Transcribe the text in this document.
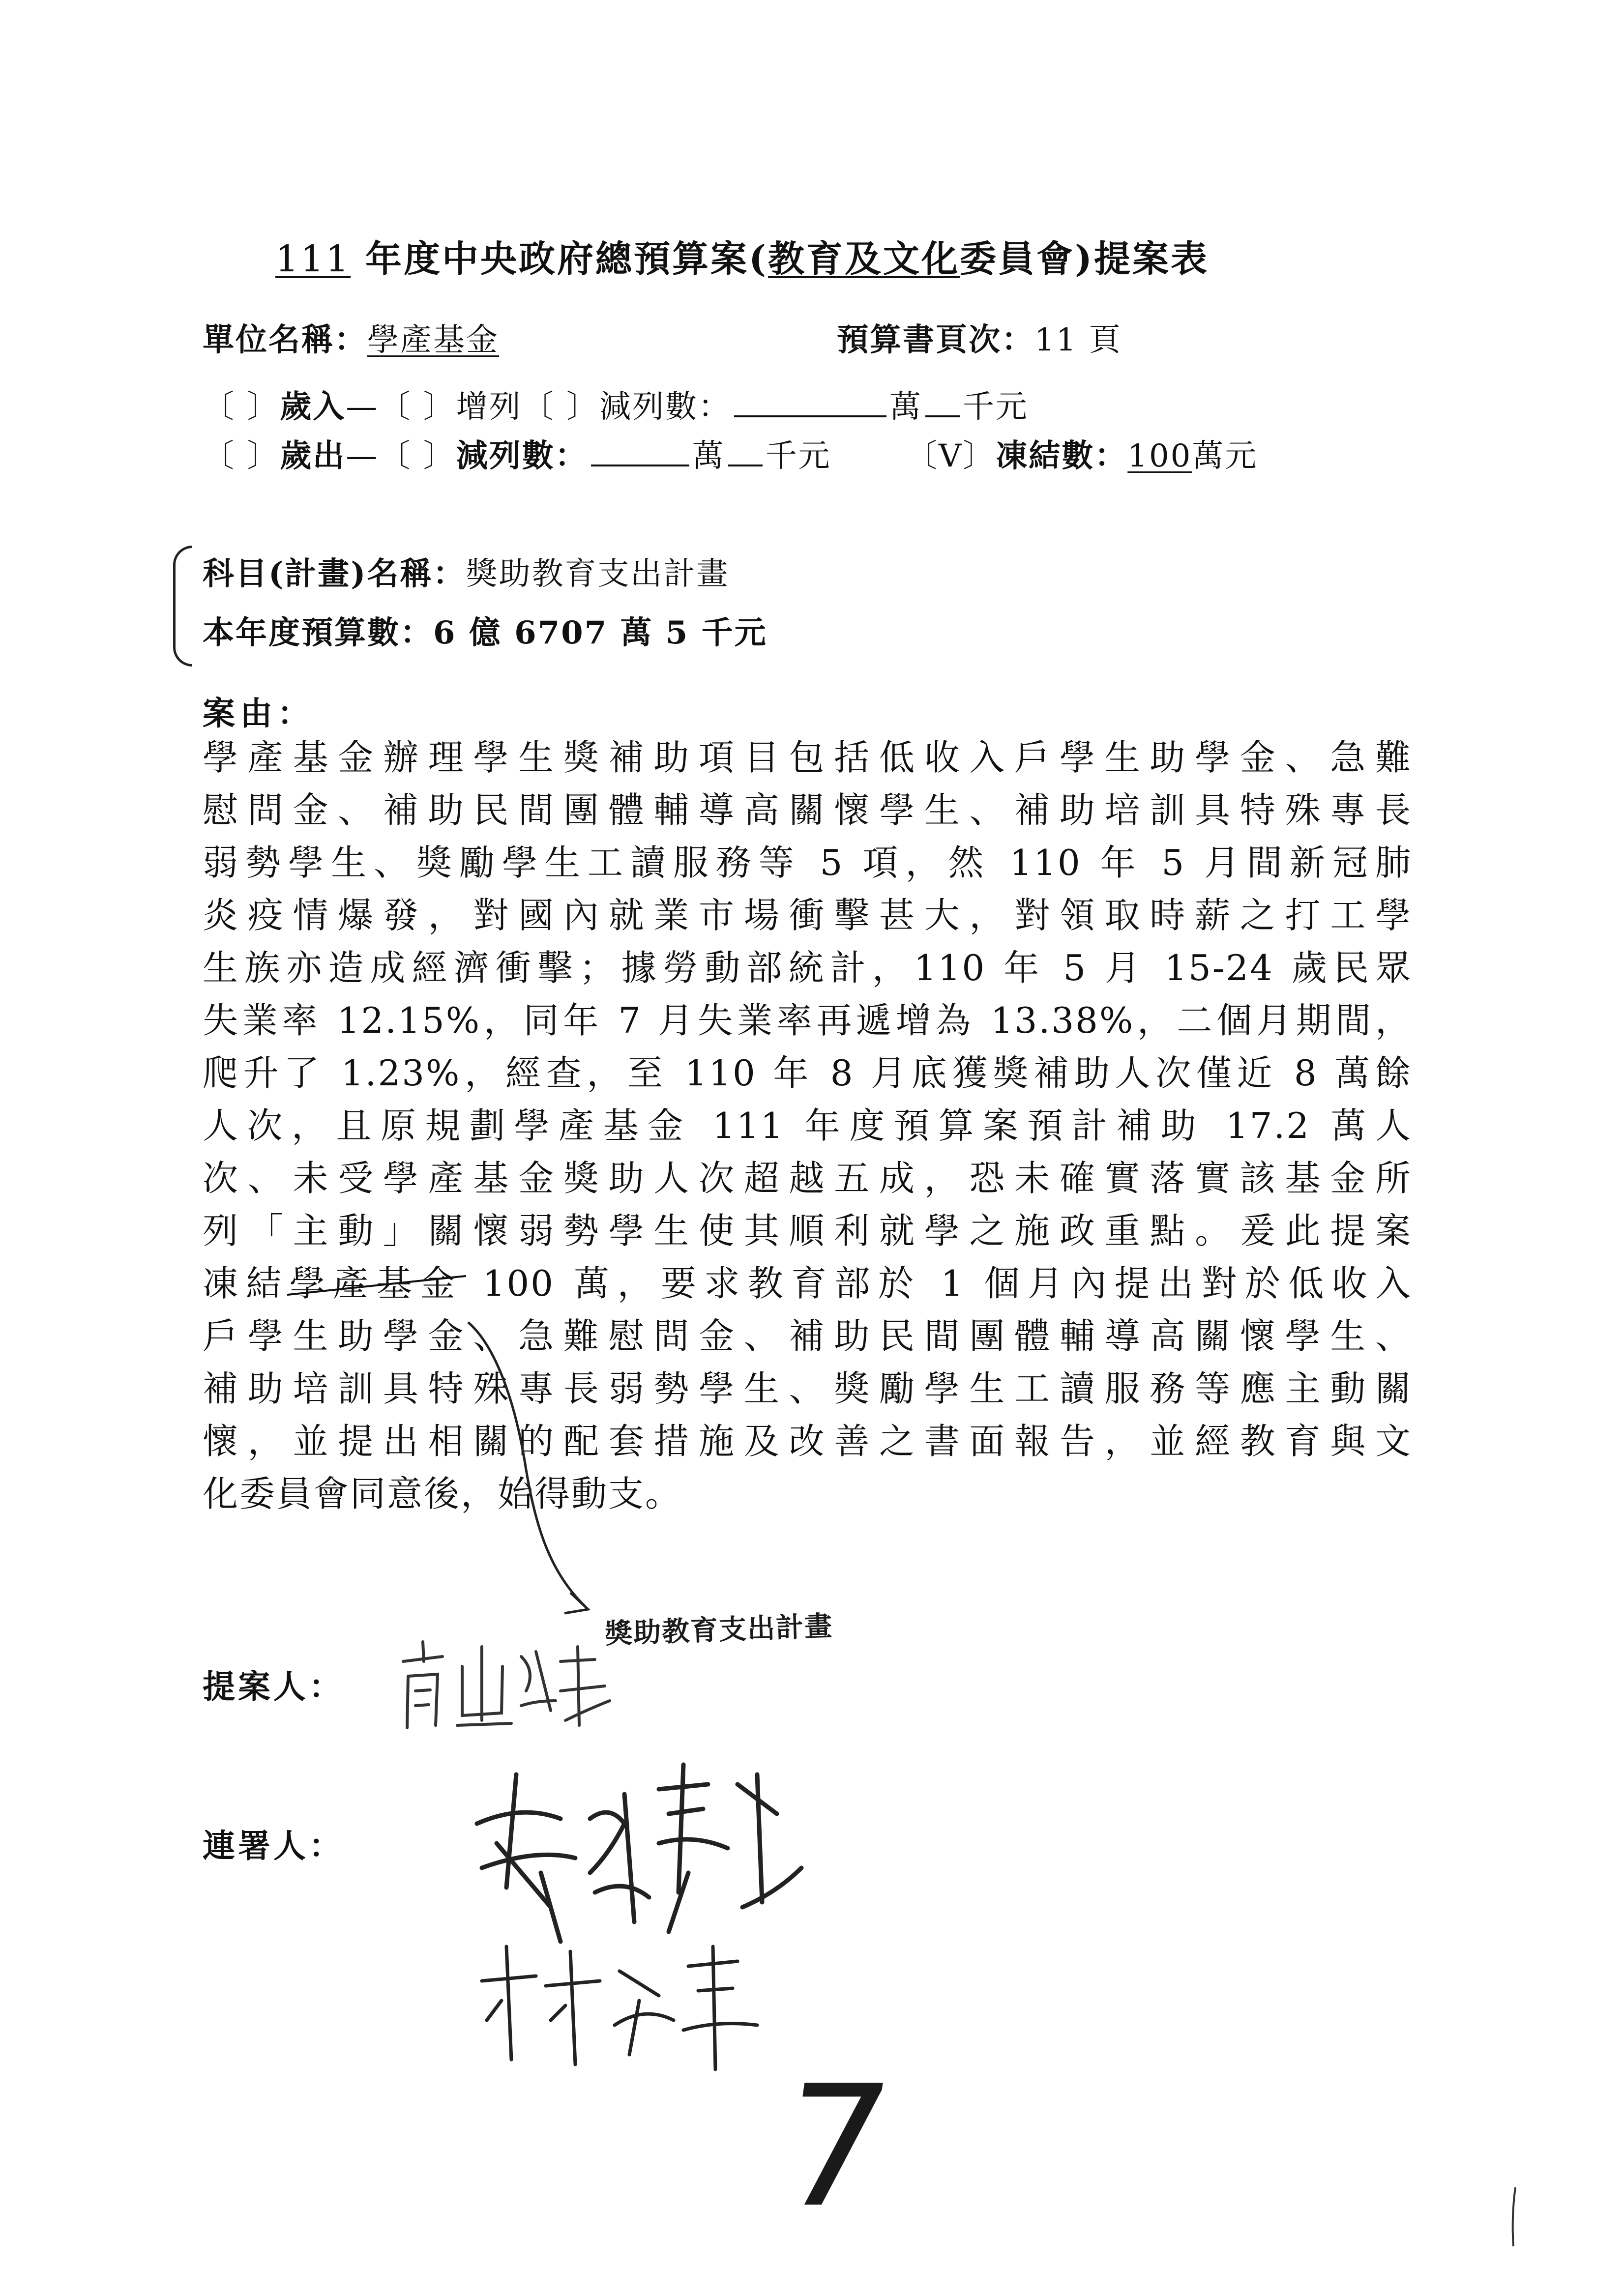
111 年度中央政府總預算案(教育及文化委員會)提案表
單位名稱：學產基金	預算書頁次：11 頁
〔 〕歲入—〔 〕增列〔 〕減列數：	萬 千元
〔 〕歲出—〔 〕減列數：	萬 千元 〔V〕凍結數：100萬元
科目(計畫)名稱：獎助教育支出計畫
本年度預算數：6 億 6707 萬 5 千元
案由：
學產基金辦理學生獎補助項目包括低收入戶學生助學金、急難
慰問金、補助民間團體輔導高關懷學生、補助培訓具特殊專長
弱勢學生、獎勵學生工讀服務等 5 項，然 110 年 5 月間新冠肺
炎疫情爆發，對國內就業市場衝擊甚大，對領取時薪之打工學
生族亦造成經濟衝擊；據勞動部統計，110 年 5 月 15-24 歲民眾
失業率 12.15%，同年 7 月失業率再遞增為 13.38%，二個月期間，
爬升了 1.23%，經查，至 110 年 8 月底獲獎補助人次僅近 8 萬餘
人次，且原規劃學產基金 111 年度預算案預計補助 17.2 萬人
次、未受學產基金獎助人次超越五成，恐未確實落實該基金所
列「主動」關懷弱勢學生使其順利就學之施政重點。爰此提案
凍結學產基金 100 萬，要求教育部於 1 個月內提出對於低收入
戶學生助學金、急難慰問金、補助民間團體輔導高關懷學生、
補助培訓具特殊專長弱勢學生、獎勵學生工讀服務等應主動關
懷，並提出相關的配套措施及改善之書面報告，並經教育與文
化委員會同意後，始得動支。
獎助教育支出計畫
提案人：
連署人：
7
